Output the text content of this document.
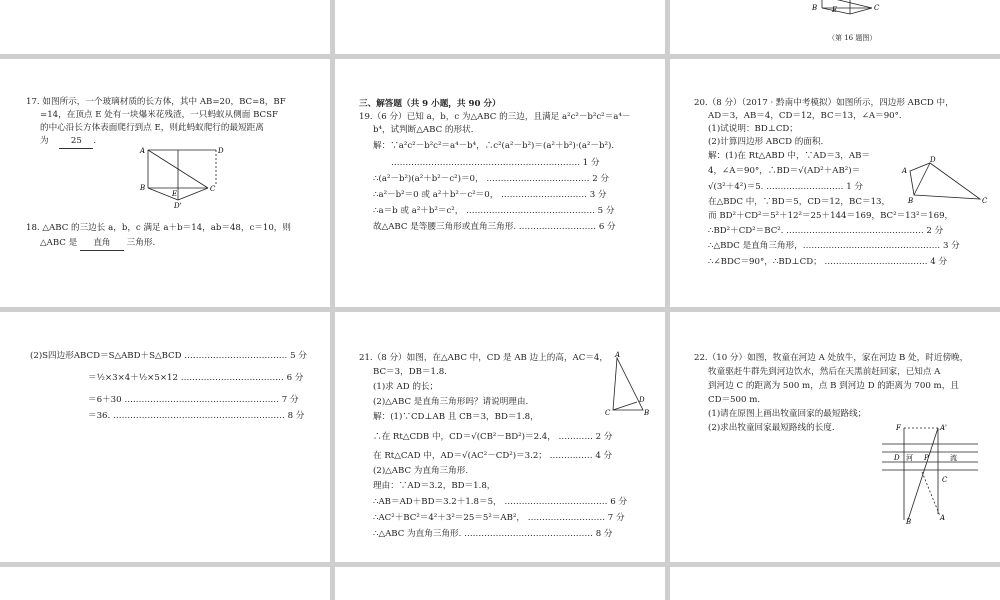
B E	C
（第 16 题图）
17. 如图所示，一个玻璃材质的长方体，其中 AB=20，BC=8，BF
=14，在顶点 E 处有一块爆米花残渣，一只蚂蚁从侧面 BCSF
的中心沿长方体表面爬行到点 E，则此蚂蚁爬行的最短距离
为	25 .
A	D
B
E
C
D'
18. △ABC 的三边长 a，b，c 满足 a＋b＝14，ab＝48，c＝10，则
△ABC 是 直角 三角形.
三、解答题（共 9 小题，共 90 分）
19.（6 分）已知 a，b，c 为△ABC 的三边，且满足 a²c²－b²c²＝a⁴－
b⁴，试判断△ABC 的形状.
解：∵a²c²－b²c²＝a⁴－b⁴，∴c²(a²－b²)＝(a²＋b²)·(a²－b²).
………………………………………………………… 1 分
∴(a²－b²)(a²＋b²－c²)＝0， ……………………………… 2 分
∴a²－b²＝0 或 a²＋b²－c²＝0， ………………………… 3 分
∴a＝b 或 a²＋b²＝c²， ……………………………………… 5 分
故△ABC 是等腰三角形或直角三角形. ……………………… 6 分
20.（8 分）（2017 · 黔南中考模拟）如图所示，四边形 ABCD 中，
AD＝3，AB＝4，CD＝12，BC＝13，∠A＝90°.
(1)试说明：BD⊥CD；
(2)计算四边形 ABCD 的面积.
解：(1)在 Rt△ABD 中，∵AD＝3，AB＝
4，∠A＝90°，∴BD＝√(AD²＋AB²)＝
√(3²＋4²)＝5. ……………………… 1 分
在△BDC 中，∵BD＝5，CD＝12，BC＝13，
而 BD²＋CD²＝5²＋12²＝25＋144＝169，BC²＝13²＝169，
∴BD²＋CD²＝BC². ………………………………………… 2 分
∴△BDC 是直角三角形，………………………………………… 3 分
∴∠BDC＝90°，∴BD⊥CD； ……………………………… 4 分
A
D
B	C
(2)S四边形ABCD＝S△ABD＋S△BCD ……………………………… 5 分
＝½×3×4＋½×5×12 ……………………………… 6 分
＝6＋30 ……………………………………………… 7 分
＝36. …………………………………………………… 8 分
21.（8 分）如图，在△ABC 中，CD 是 AB 边上的高，AC＝4，
BC＝3，DB＝1.8.
(1)求 AD 的长；
(2)△ABC 是直角三角形吗？请说明理由.
解：(1)∵CD⊥AB 且 CB＝3，BD＝1.8，
∴在 Rt△CDB 中，CD＝√(CB²－BD²)＝2.4， ………… 2 分
在 Rt△CAD 中，AD＝√(AC²－CD²)＝3.2； …………… 4 分
(2)△ABC 为直角三角形.
理由：∵AD＝3.2，BD＝1.8，
∴AB＝AD＋BD＝3.2＋1.8＝5， ……………………………… 6 分
∴AC²＋BC²＝4²＋3²＝25＝5²＝AB²， ……………………… 7 分
∴△ABC 为直角三角形. ……………………………………… 8 分
A
C
D
B
22.（10 分）如图，牧童在河边 A 处放牛，家在河边 B 处，时近傍晚，
牧童驱赶牛群先到河边饮水，然后在天黑前赶回家，已知点 A
到河边 C 的距离为 500 m，点 B 到河边 D 的距离为 700 m，且
CD＝500 m.
(1)请在原图上画出牧童回家的最短路线；
(2)求出牧童回家最短路线的长度.	F	A'
河	流
D	P
C
A
B
